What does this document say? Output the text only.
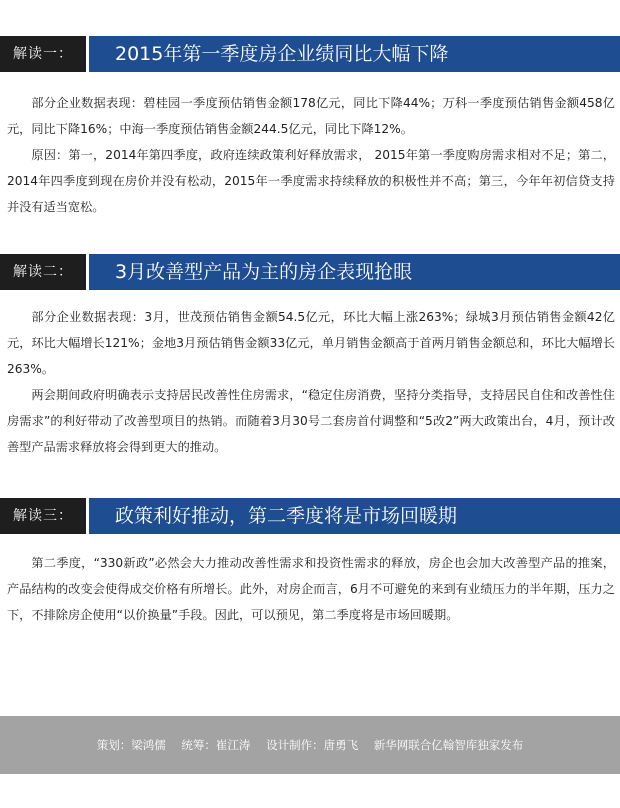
解读一：	2015年第一季度房企业绩同比大幅下降

部分企业数据表现：碧桂园一季度预估销售金额178亿元，同比下降44%；万科一季度预估销售金额458亿元，同比下降16%；中海一季度预估销售金额244.5亿元，同比下降12%。

原因：第一，2014年第四季度，政府连续政策利好释放需求， 2015年第一季度购房需求相对不足；第二，2014年四季度到现在房价并没有松动，2015年一季度需求持续释放的积极性并不高；第三，今年年初信贷支持并没有适当宽松。

解读二：	3月改善型产品为主的房企表现抢眼

部分企业数据表现：3月，世茂预估销售金额54.5亿元，环比大幅上涨263%；绿城3月预估销售金额42亿元，环比大幅增长121%；金地3月预估销售金额33亿元，单月销售金额高于首两月销售金额总和，环比大幅增长263%。

两会期间政府明确表示支持居民改善性住房需求，“稳定住房消费，坚持分类指导，支持居民自住和改善性住房需求”的利好带动了改善型项目的热销。而随着3月30号二套房首付调整和“5改2”两大政策出台，4月，预计改善型产品需求释放将会得到更大的推动。

解读三：	政策利好推动，第二季度将是市场回暖期

第二季度，“330新政”必然会大力推动改善性需求和投资性需求的释放，房企也会加大改善型产品的推案，产品结构的改变会使得成交价格有所增长。此外，对房企而言，6月不可避免的来到有业绩压力的半年期，压力之下，不排除房企使用“以价换量”手段。因此，可以预见，第二季度将是市场回暖期。

策划：梁鸿儒 统筹：崔江涛 设计制作：唐勇飞 新华网联合亿翰智库独家发布
